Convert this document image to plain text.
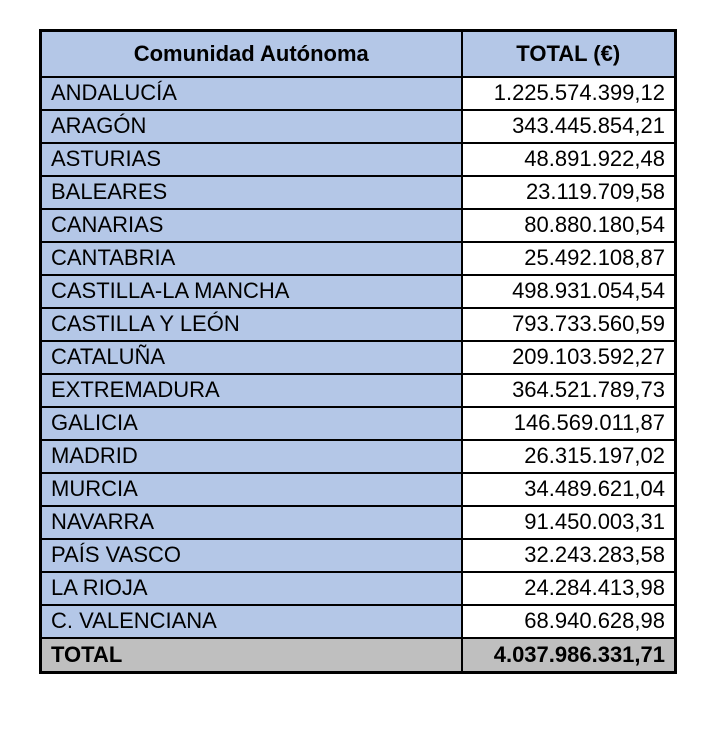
Comunidad Autónoma	TOTAL (€)
ANDALUCÍA	1.225.574.399,12
ARAGÓN	343.445.854,21
ASTURIAS	48.891.922,48
BALEARES	23.119.709,58
CANARIAS	80.880.180,54
CANTABRIA	25.492.108,87
CASTILLA-LA MANCHA	498.931.054,54
CASTILLA Y LEÓN	793.733.560,59
CATALUÑA	209.103.592,27
EXTREMADURA	364.521.789,73
GALICIA	146.569.011,87
MADRID	26.315.197,02
MURCIA	34.489.621,04
NAVARRA	91.450.003,31
PAÍS VASCO	32.243.283,58
LA RIOJA	24.284.413,98
C. VALENCIANA	68.940.628,98
TOTAL	4.037.986.331,71
